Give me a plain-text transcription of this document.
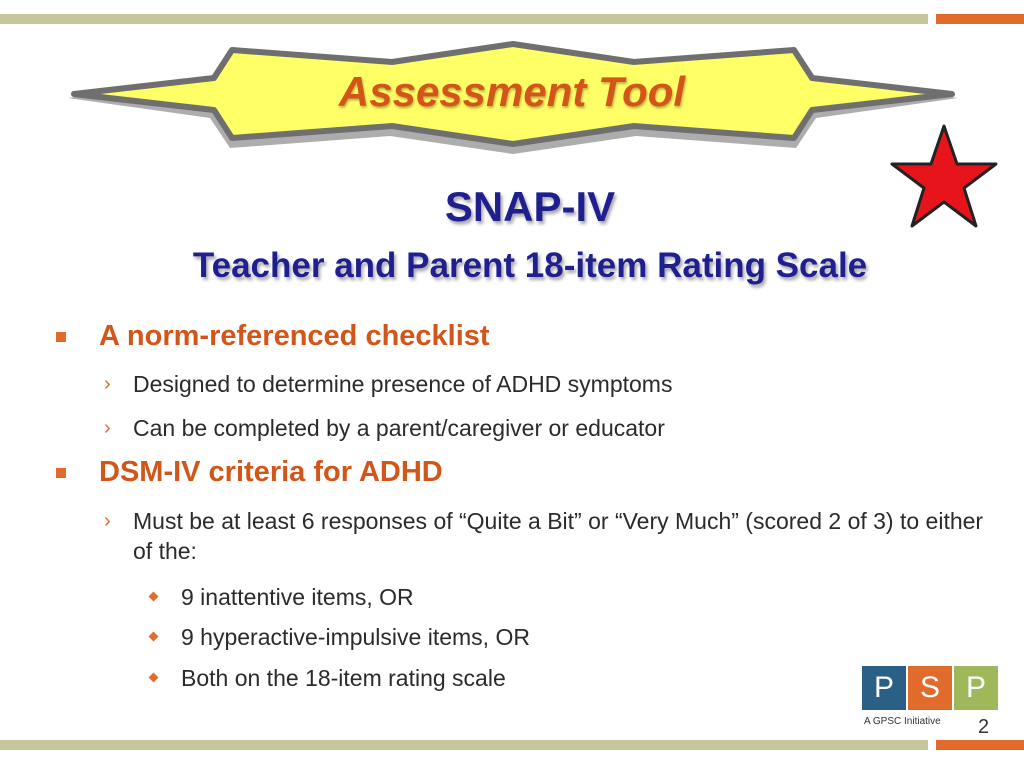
Assessment Tool
SNAP-IV
Teacher and Parent 18-item Rating Scale
A norm-referenced checklist
› Designed to determine presence of ADHD symptoms
› Can be completed by a parent/caregiver or educator
DSM-IV criteria for ADHD
› Must be at least 6 responses of “Quite a Bit” or “Very Much” (scored 2 of 3) to either of the:
9 inattentive items, OR
9 hyperactive-impulsive items, OR
Both on the 18-item rating scale	P S P
A GPSC Initiative 2
